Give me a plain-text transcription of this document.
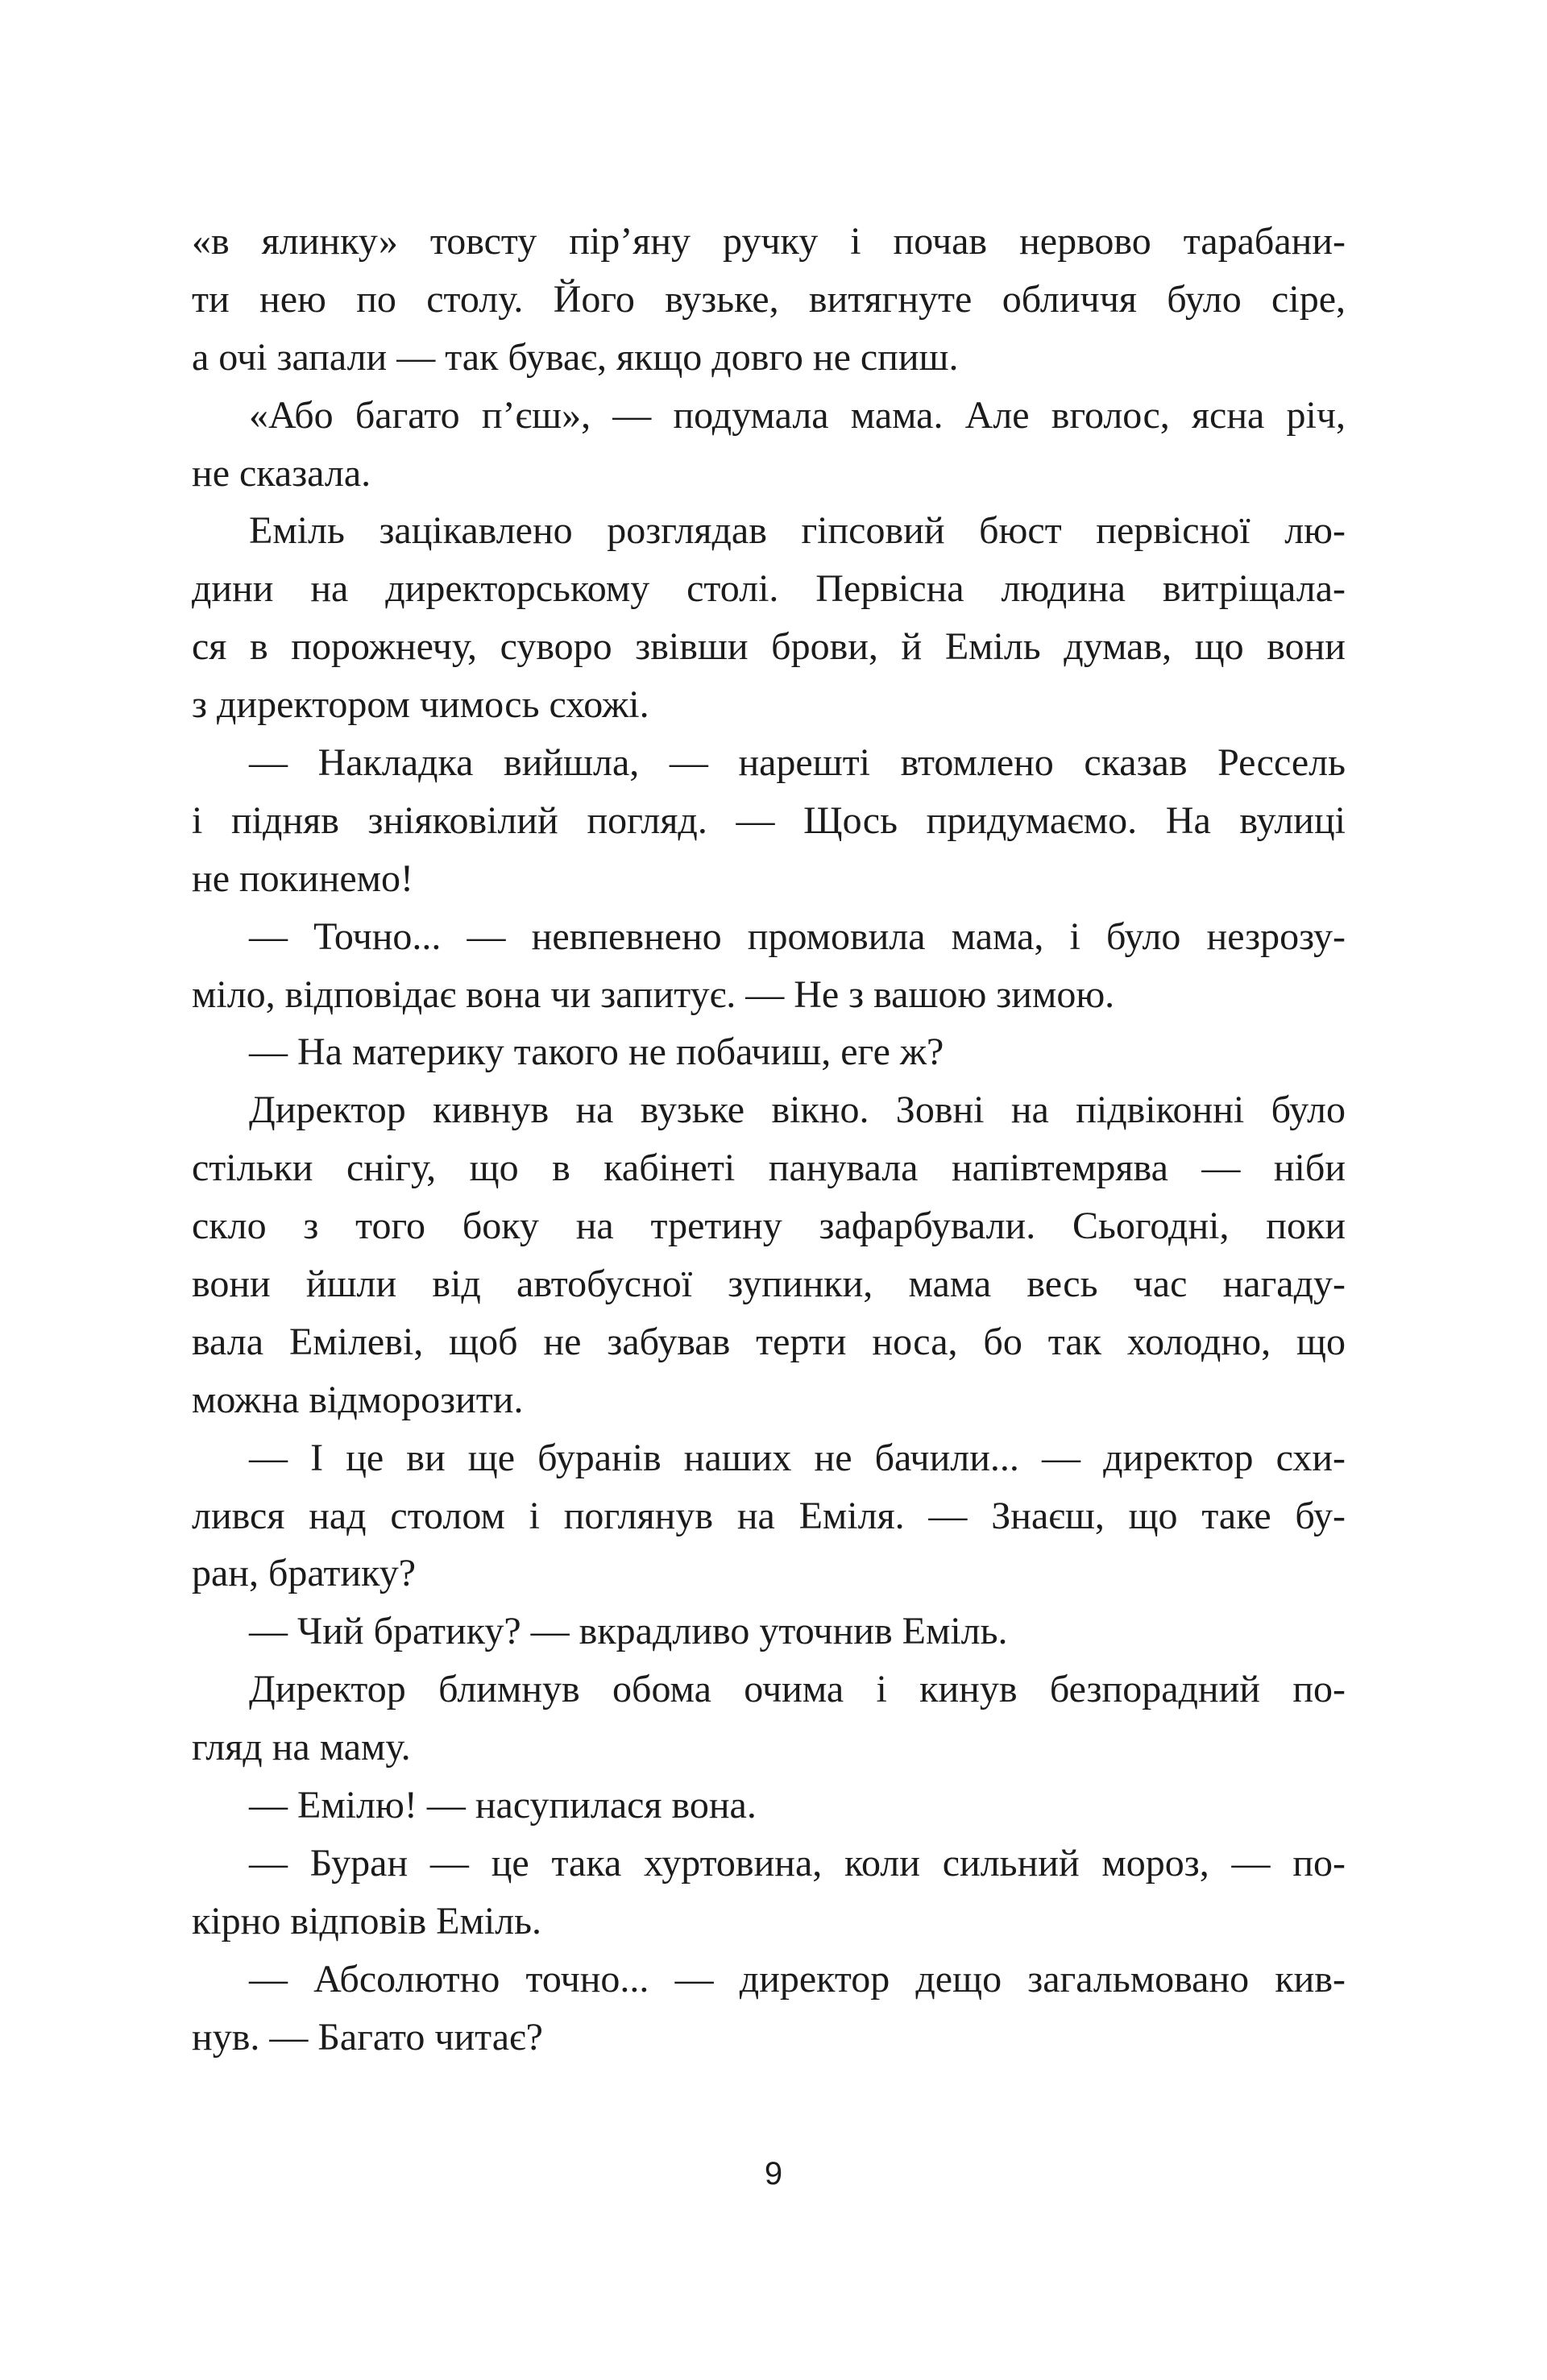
«в ялинку» товсту пір’яну ручку і почав нервово тарабани-
ти нею по столу. Його вузьке, витягнуте обличчя було сіре,
а очі запали — так буває, якщо довго не спиш.
«Або багато п’єш», — подумала мама. Але вголос, ясна річ,
не сказала.
Еміль зацікавлено розглядав гіпсовий бюст первісної лю-
дини на директорському столі. Первісна людина витріщала-
ся в порожнечу, суворо звівши брови, й Еміль думав, що вони
з директором чимось схожі.
— Накладка вийшла, — нарешті втомлено сказав Рессель
і підняв зніяковілий погляд. — Щось придумаємо. На вулиці
не покинемо!
— Точно... — невпевнено промовила мама, і було незрозу-
міло, відповідає вона чи запитує. — Не з вашою зимою.
— На материку такого не побачиш, еге ж?
Директор кивнув на вузьке вікно. Зовні на підвіконні було
стільки снігу, що в кабінеті панувала напівтемрява — ніби
скло з того боку на третину зафарбували. Сьогодні, поки
вони йшли від автобусної зупинки, мама весь час нагаду-
вала Емілеві, щоб не забував терти носа, бо так холодно, що
можна відморозити.
— І це ви ще буранів наших не бачили... — директор схи-
лився над столом і поглянув на Еміля. — Знаєш, що таке бу-
ран, братику?
— Чий братику? — вкрадливо уточнив Еміль.
Директор блимнув обома очима і кинув безпорадний по-
гляд на маму.
— Емілю! — насупилася вона.
— Буран — це така хуртовина, коли сильний мороз, — по-
кірно відповів Еміль.
— Абсолютно точно... — директор дещо загальмовано кив-
нув. — Багато читає?
9
